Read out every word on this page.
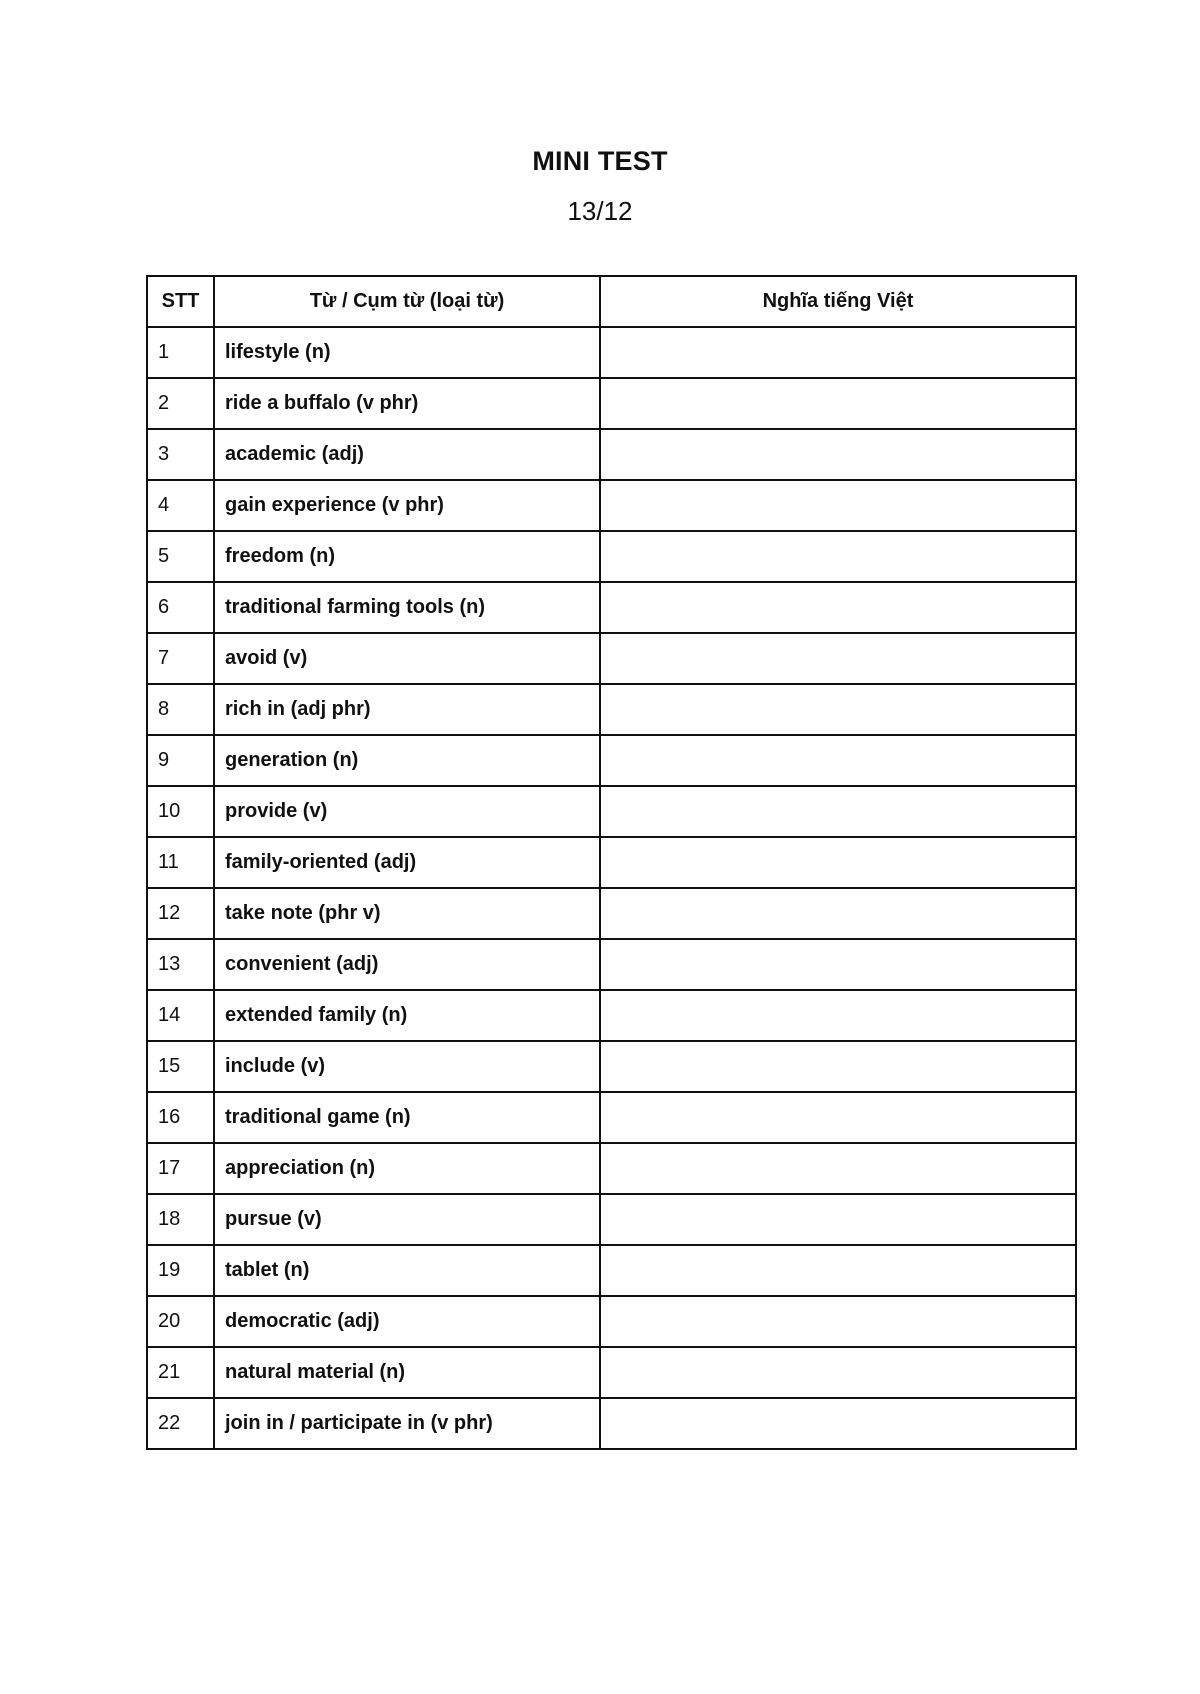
MINI TEST
13/12
STT	Từ / Cụm từ (loại từ)	Nghĩa tiếng Việt
1	lifestyle (n)	
2	ride a buffalo (v phr)	
3	academic (adj)	
4	gain experience (v phr)	
5	freedom (n)	
6	traditional farming tools (n)	
7	avoid (v)	
8	rich in (adj phr)	
9	generation (n)	
10	provide (v)	
11	family-oriented (adj)	
12	take note (phr v)	
13	convenient (adj)	
14	extended family (n)	
15	include (v)	
16	traditional game (n)	
17	appreciation (n)	
18	pursue (v)	
19	tablet (n)	
20	democratic (adj)	
21	natural material (n)	
22	join in / participate in (v phr)	
